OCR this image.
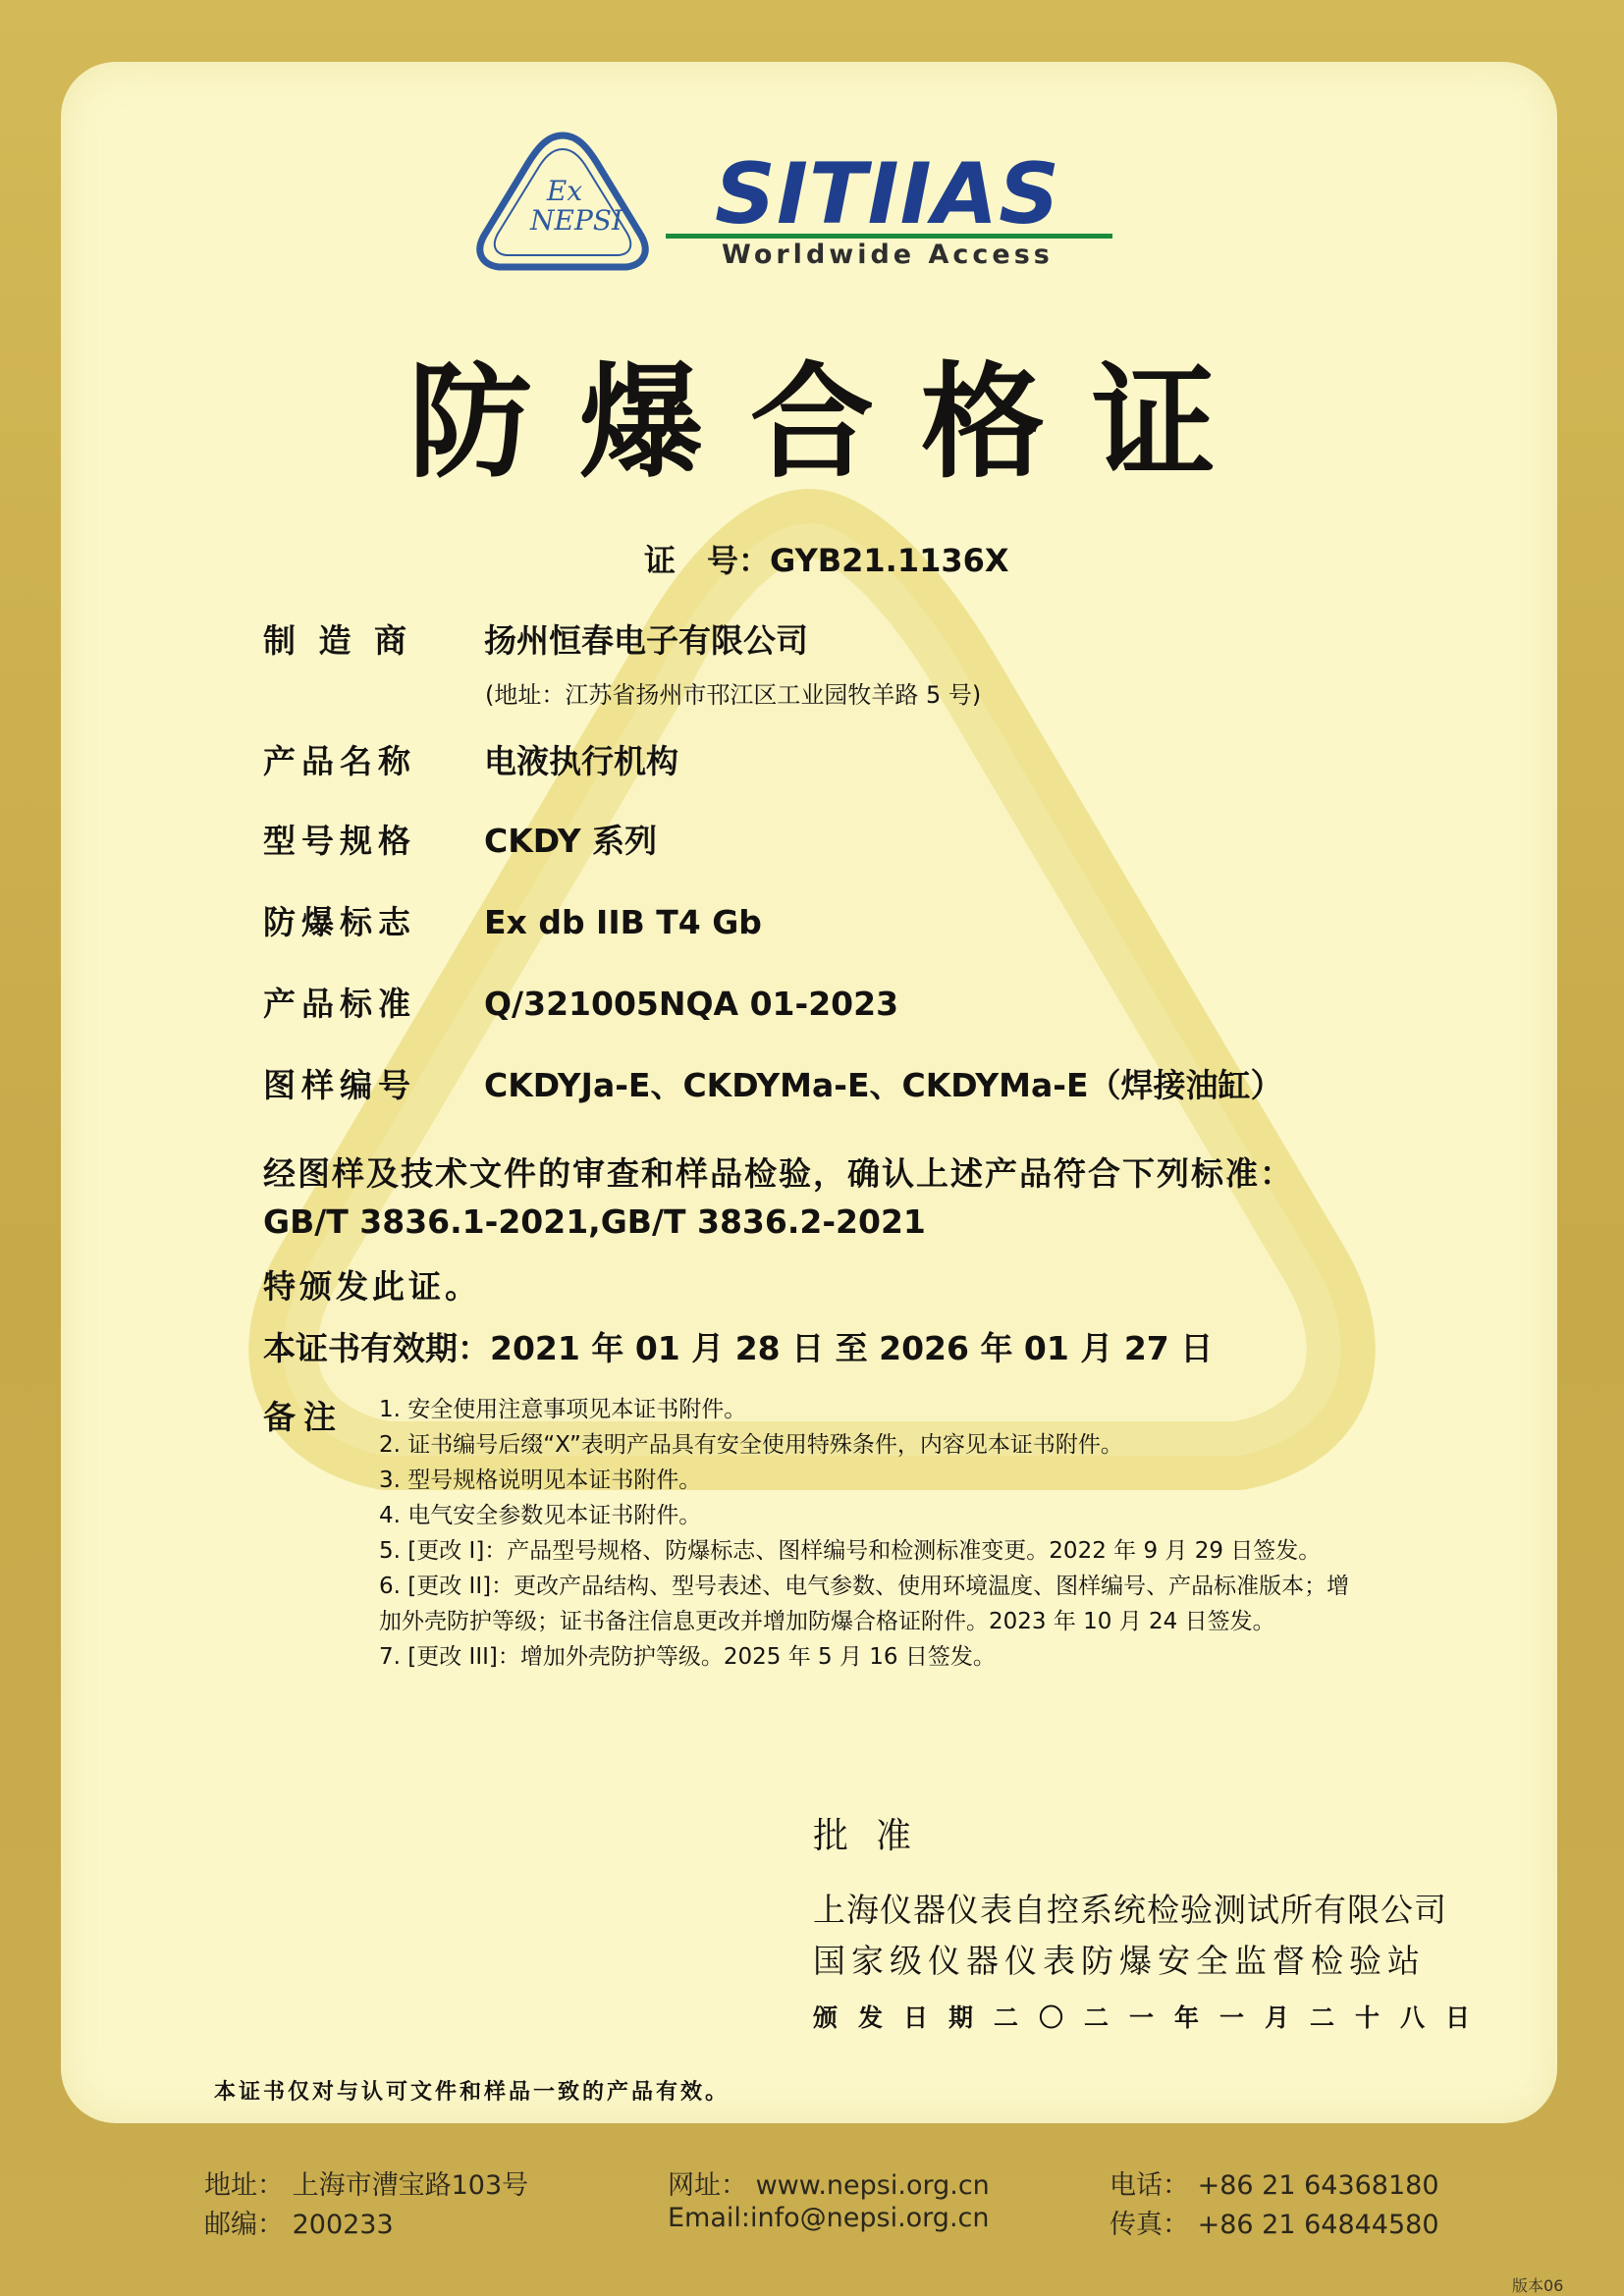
SITIIAS
Worldwide Access
Ex NEPSI
防爆合格证
证　号：GYB21.1136X
制 造 商 扬州恒春电子有限公司
(地址：江苏省扬州市邗江区工业园牧羊路 5 号)
产品名称 电液执行机构
型号规格 CKDY 系列
防爆标志 Ex db IIB T4 Gb
产品标准 Q/321005NQA 01-2023
图样编号 CKDYJa-E、CKDYMa-E、CKDYMa-E（焊接油缸）
经图样及技术文件的审查和样品检验，确认上述产品符合下列标准：
GB/T 3836.1-2021,GB/T 3836.2-2021
特颁发此证。
本证书有效期：2021 年 01 月 28 日 至 2026 年 01 月 27 日
备注 1. 安全使用注意事项见本证书附件。
2. 证书编号后缀“X”表明产品具有安全使用特殊条件，内容见本证书附件。
3. 型号规格说明见本证书附件。
4. 电气安全参数见本证书附件。
5. [更改 I]：产品型号规格、防爆标志、图样编号和检测标准变更。2022 年 9 月 29 日签发。
6. [更改 II]：更改产品结构、型号表述、电气参数、使用环境温度、图样编号、产品标准版本；增
加外壳防护等级；证书备注信息更改并增加防爆合格证附件。2023 年 10 月 24 日签发。
7. [更改 III]：增加外壳防护等级。2025 年 5 月 16 日签发。
批准
上海仪器仪表自控系统检验测试所有限公司
国家级仪器仪表防爆安全监督检验站
颁发日期二〇二一年一月二十八日
本证书仅对与认可文件和样品一致的产品有效。
地址： 上海市漕宝路103号
邮编： 200233
网址： www.nepsi.org.cn
Email:info@nepsi.org.cn
电话： +86 21 64368180
传真： +86 21 64844580
版本06
